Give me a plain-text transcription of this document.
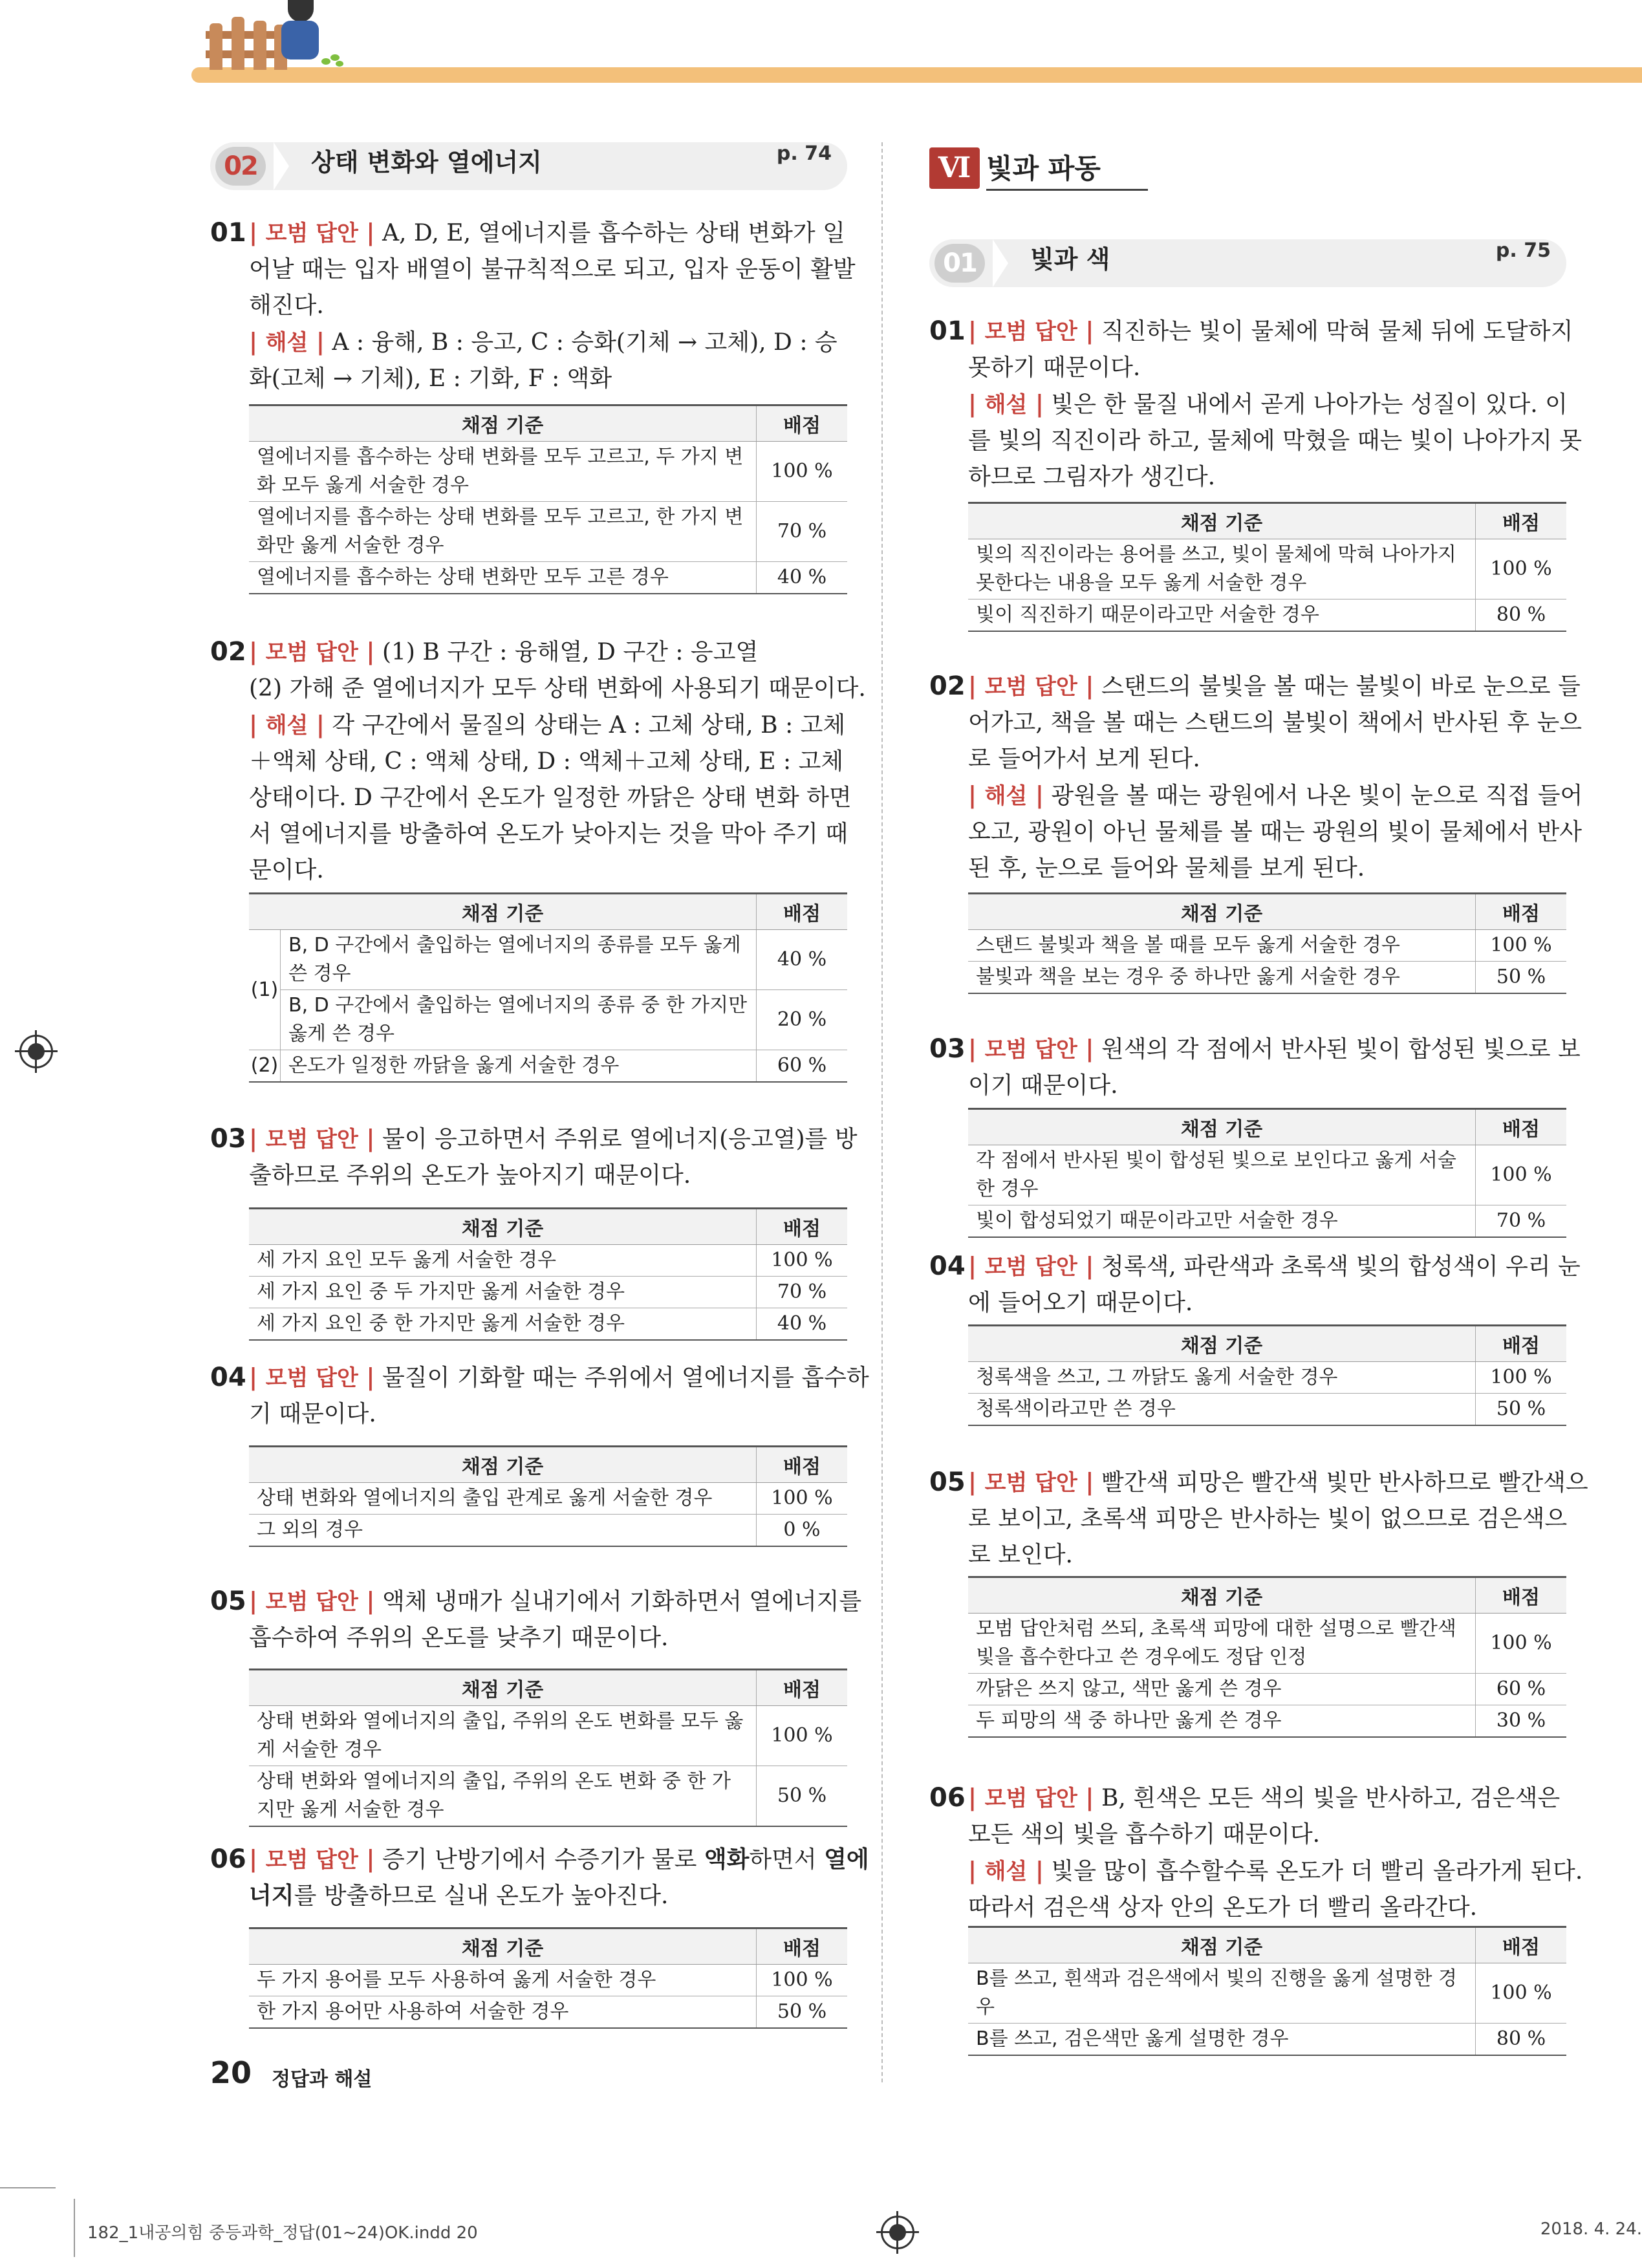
02	상태 변화와 열에너지	p. 74	Ⅵ 빛과 파동
01	빛과 색	p. 75
01 | 모범 답안 | A, D, E, 열에너지를 흡수하는 상태 변화가 일
어날 때는 입자 배열이 불규칙적으로 되고, 입자 운동이 활발
해진다.
| 해설 | A : 융해, B : 응고, C : 승화(기체 → 고체), D : 승
화(고체 → 기체), E : 기화, F : 액화
채점 기준	배점
열에너지를 흡수하는 상태 변화를 모두 고르고, 두 가지 변화 모두 옳게 서술한 경우	100 %
열에너지를 흡수하는 상태 변화를 모두 고르고, 한 가지 변화만 옳게 서술한 경우	70 %
열에너지를 흡수하는 상태 변화만 모두 고른 경우	40 %
02 | 모범 답안 | (1) B 구간 : 융해열, D 구간 : 응고열
(2) 가해 준 열에너지가 모두 상태 변화에 사용되기 때문이다.
| 해설 | 각 구간에서 물질의 상태는 A : 고체 상태, B : 고체
＋액체 상태, C : 액체 상태, D : 액체＋고체 상태, E : 고체
상태이다. D 구간에서 온도가 일정한 까닭은 상태 변화 하면
서 열에너지를 방출하여 온도가 낮아지는 것을 막아 주기 때
문이다.
채점 기준		배점
(1)	B, D 구간에서 출입하는 열에너지의 종류를 모두 옳게 쓴 경우	40 %
	B, D 구간에서 출입하는 열에너지의 종류 중 한 가지만 옳게 쓴 경우	20 %
(2)	온도가 일정한 까닭을 옳게 서술한 경우	60 %
03 | 모범 답안 | 물이 응고하면서 주위로 열에너지(응고열)를 방
출하므로 주위의 온도가 높아지기 때문이다.
채점 기준	배점
세 가지 요인 모두 옳게 서술한 경우	100 %
세 가지 요인 중 두 가지만 옳게 서술한 경우	70 %
세 가지 요인 중 한 가지만 옳게 서술한 경우	40 %
04 | 모범 답안 | 물질이 기화할 때는 주위에서 열에너지를 흡수하
기 때문이다.
채점 기준	배점
상태 변화와 열에너지의 출입 관계로 옳게 서술한 경우	100 %
그 외의 경우	0 %
05 | 모범 답안 | 액체 냉매가 실내기에서 기화하면서 열에너지를
흡수하여 주위의 온도를 낮추기 때문이다.
채점 기준	배점
상태 변화와 열에너지의 출입, 주위의 온도 변화를 모두 옳게 서술한 경우	100 %
상태 변화와 열에너지의 출입, 주위의 온도 변화 중 한 가지만 옳게 서술한 경우	50 %
06 | 모범 답안 | 증기 난방기에서 수증기가 물로 액화하면서 열에
너지를 방출하므로 실내 온도가 높아진다.
채점 기준	배점
두 가지 용어를 모두 사용하여 옳게 서술한 경우	100 %
한 가지 용어만 사용하여 서술한 경우	50 %
01 | 모범 답안 | 직진하는 빛이 물체에 막혀 물체 뒤에 도달하지
못하기 때문이다.
| 해설 | 빛은 한 물질 내에서 곧게 나아가는 성질이 있다. 이
를 빛의 직진이라 하고, 물체에 막혔을 때는 빛이 나아가지 못
하므로 그림자가 생긴다.
채점 기준	배점
빛의 직진이라는 용어를 쓰고, 빛이 물체에 막혀 나아가지 못한다는 내용을 모두 옳게 서술한 경우	100 %
빛이 직진하기 때문이라고만 서술한 경우	80 %
02 | 모범 답안 | 스탠드의 불빛을 볼 때는 불빛이 바로 눈으로 들
어가고, 책을 볼 때는 스탠드의 불빛이 책에서 반사된 후 눈으
로 들어가서 보게 된다.
| 해설 | 광원을 볼 때는 광원에서 나온 빛이 눈으로 직접 들어
오고, 광원이 아닌 물체를 볼 때는 광원의 빛이 물체에서 반사
된 후, 눈으로 들어와 물체를 보게 된다.
채점 기준	배점
스탠드 불빛과 책을 볼 때를 모두 옳게 서술한 경우	100 %
불빛과 책을 보는 경우 중 하나만 옳게 서술한 경우	50 %
03 | 모범 답안 | 원색의 각 점에서 반사된 빛이 합성된 빛으로 보
이기 때문이다.
채점 기준	배점
각 점에서 반사된 빛이 합성된 빛으로 보인다고 옳게 서술한 경우	100 %
빛이 합성되었기 때문이라고만 서술한 경우	70 %
04 | 모범 답안 | 청록색, 파란색과 초록색 빛의 합성색이 우리 눈
에 들어오기 때문이다.
채점 기준	배점
청록색을 쓰고, 그 까닭도 옳게 서술한 경우	100 %
청록색이라고만 쓴 경우	50 %
05 | 모범 답안 | 빨간색 피망은 빨간색 빛만 반사하므로 빨간색으
로 보이고, 초록색 피망은 반사하는 빛이 없으므로 검은색으
로 보인다.
채점 기준	배점
모범 답안처럼 쓰되, 초록색 피망에 대한 설명으로 빨간색 빛을 흡수한다고 쓴 경우에도 정답 인정	100 %
까닭은 쓰지 않고, 색만 옳게 쓴 경우	60 %
두 피망의 색 중 하나만 옳게 쓴 경우	30 %
06 | 모범 답안 | B, 흰색은 모든 색의 빛을 반사하고, 검은색은
모든 색의 빛을 흡수하기 때문이다.
| 해설 | 빛을 많이 흡수할수록 온도가 더 빨리 올라가게 된다.
따라서 검은색 상자 안의 온도가 더 빨리 올라간다.
채점 기준	배점
B를 쓰고, 흰색과 검은색에서 빛의 진행을 옳게 설명한 경우	100 %
B를 쓰고, 검은색만 옳게 설명한 경우	80 %
20 정답과 해설
182_1내공의힘 중등과학_정답(01~24)OK.indd 20	2018. 4. 24.
